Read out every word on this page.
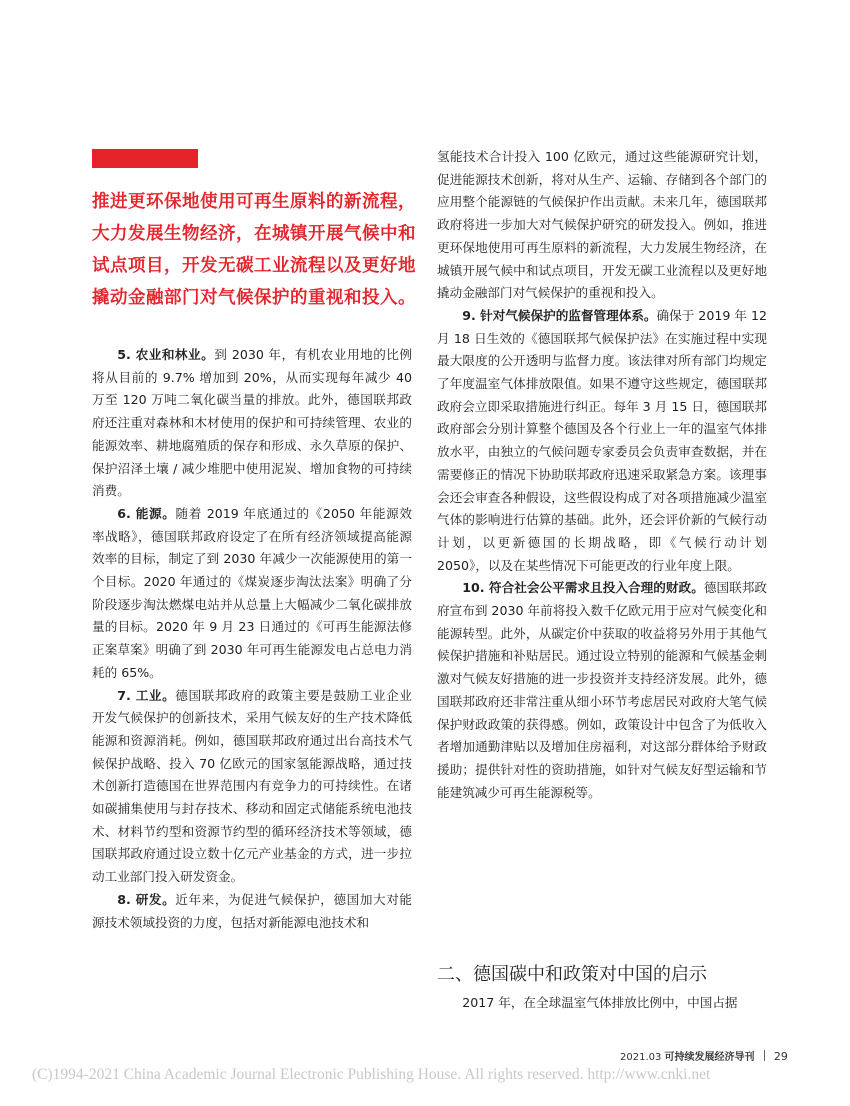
推进更环保地使用可再生原料的新流程，大力发展生物经济，在城镇开展气候中和试点项目，开发无碳工业流程以及更好地撬动金融部门对气候保护的重视和投入。

5. 农业和林业。到 2030 年，有机农业用地的比例将从目前的 9.7% 增加到 20%，从而实现每年减少 40 万至 120 万吨二氧化碳当量的排放。此外，德国联邦政府还注重对森林和木材使用的保护和可持续管理、农业的能源效率、耕地腐殖质的保存和形成、永久草原的保护、保护沼泽土壤 / 减少堆肥中使用泥炭、增加食物的可持续消费。

6. 能源。随着 2019 年底通过的《2050 年能源效率战略》，德国联邦政府设定了在所有经济领域提高能源效率的目标，制定了到 2030 年减少一次能源使用的第一个目标。2020 年通过的《煤炭逐步淘汰法案》明确了分阶段逐步淘汰燃煤电站并从总量上大幅减少二氧化碳排放量的目标。2020 年 9 月 23 日通过的《可再生能源法修正案草案》明确了到 2030 年可再生能源发电占总电力消耗的 65%。

7. 工业。德国联邦政府的政策主要是鼓励工业企业开发气候保护的创新技术，采用气候友好的生产技术降低能源和资源消耗。例如，德国联邦政府通过出台高技术气候保护战略、投入 70 亿欧元的国家氢能源战略，通过技术创新打造德国在世界范围内有竞争力的可持续性。在诸如碳捕集使用与封存技术、移动和固定式储能系统电池技术、材料节约型和资源节约型的循环经济技术等领域，德国联邦政府通过设立数十亿元产业基金的方式，进一步拉动工业部门投入研发资金。

8. 研发。近年来，为促进气候保护，德国加大对能源技术领域投资的力度，包括对新能源电池技术和

氢能技术合计投入 100 亿欧元，通过这些能源研究计划，促进能源技术创新，将对从生产、运输、存储到各个部门的应用整个能源链的气候保护作出贡献。未来几年，德国联邦政府将进一步加大对气候保护研究的研发投入。例如，推进更环保地使用可再生原料的新流程，大力发展生物经济，在城镇开展气候中和试点项目，开发无碳工业流程以及更好地撬动金融部门对气候保护的重视和投入。

9. 针对气候保护的监督管理体系。确保于 2019 年 12 月 18 日生效的《德国联邦气候保护法》在实施过程中实现最大限度的公开透明与监督力度。该法律对所有部门均规定了年度温室气体排放限值。如果不遵守这些规定，德国联邦政府会立即采取措施进行纠正。每年 3 月 15 日，德国联邦政府部会分别计算整个德国及各个行业上一年的温室气体排放水平，由独立的气候问题专家委员会负责审查数据，并在需要修正的情况下协助联邦政府迅速采取紧急方案。该理事会还会审查各种假设，这些假设构成了对各项措施减少温室气体的影响进行估算的基础。此外，还会评价新的气候行动计划，以更新德国的长期战略，即《气候行动计划 2050》，以及在某些情况下可能更改的行业年度上限。

10. 符合社会公平需求且投入合理的财政。德国联邦政府宣布到 2030 年前将投入数千亿欧元用于应对气候变化和能源转型。此外，从碳定价中获取的收益将另外用于其他气候保护措施和补贴居民。通过设立特别的能源和气候基金刺激对气候友好措施的进一步投资并支持经济发展。此外，德国联邦政府还非常注重从细小环节考虑居民对政府大笔气候保护财政政策的获得感。例如，政策设计中包含了为低收入者增加通勤津贴以及增加住房福利，对这部分群体给予财政援助；提供针对性的资助措施，如针对气候友好型运输和节能建筑减少可再生能源税等。

二、德国碳中和政策对中国的启示

2017 年，在全球温室气体排放比例中，中国占据

2021.03 可持续发展经济导刊 29
(C)1994-2021 China Academic Journal Electronic Publishing House. All rights reserved. http://www.cnki.net
